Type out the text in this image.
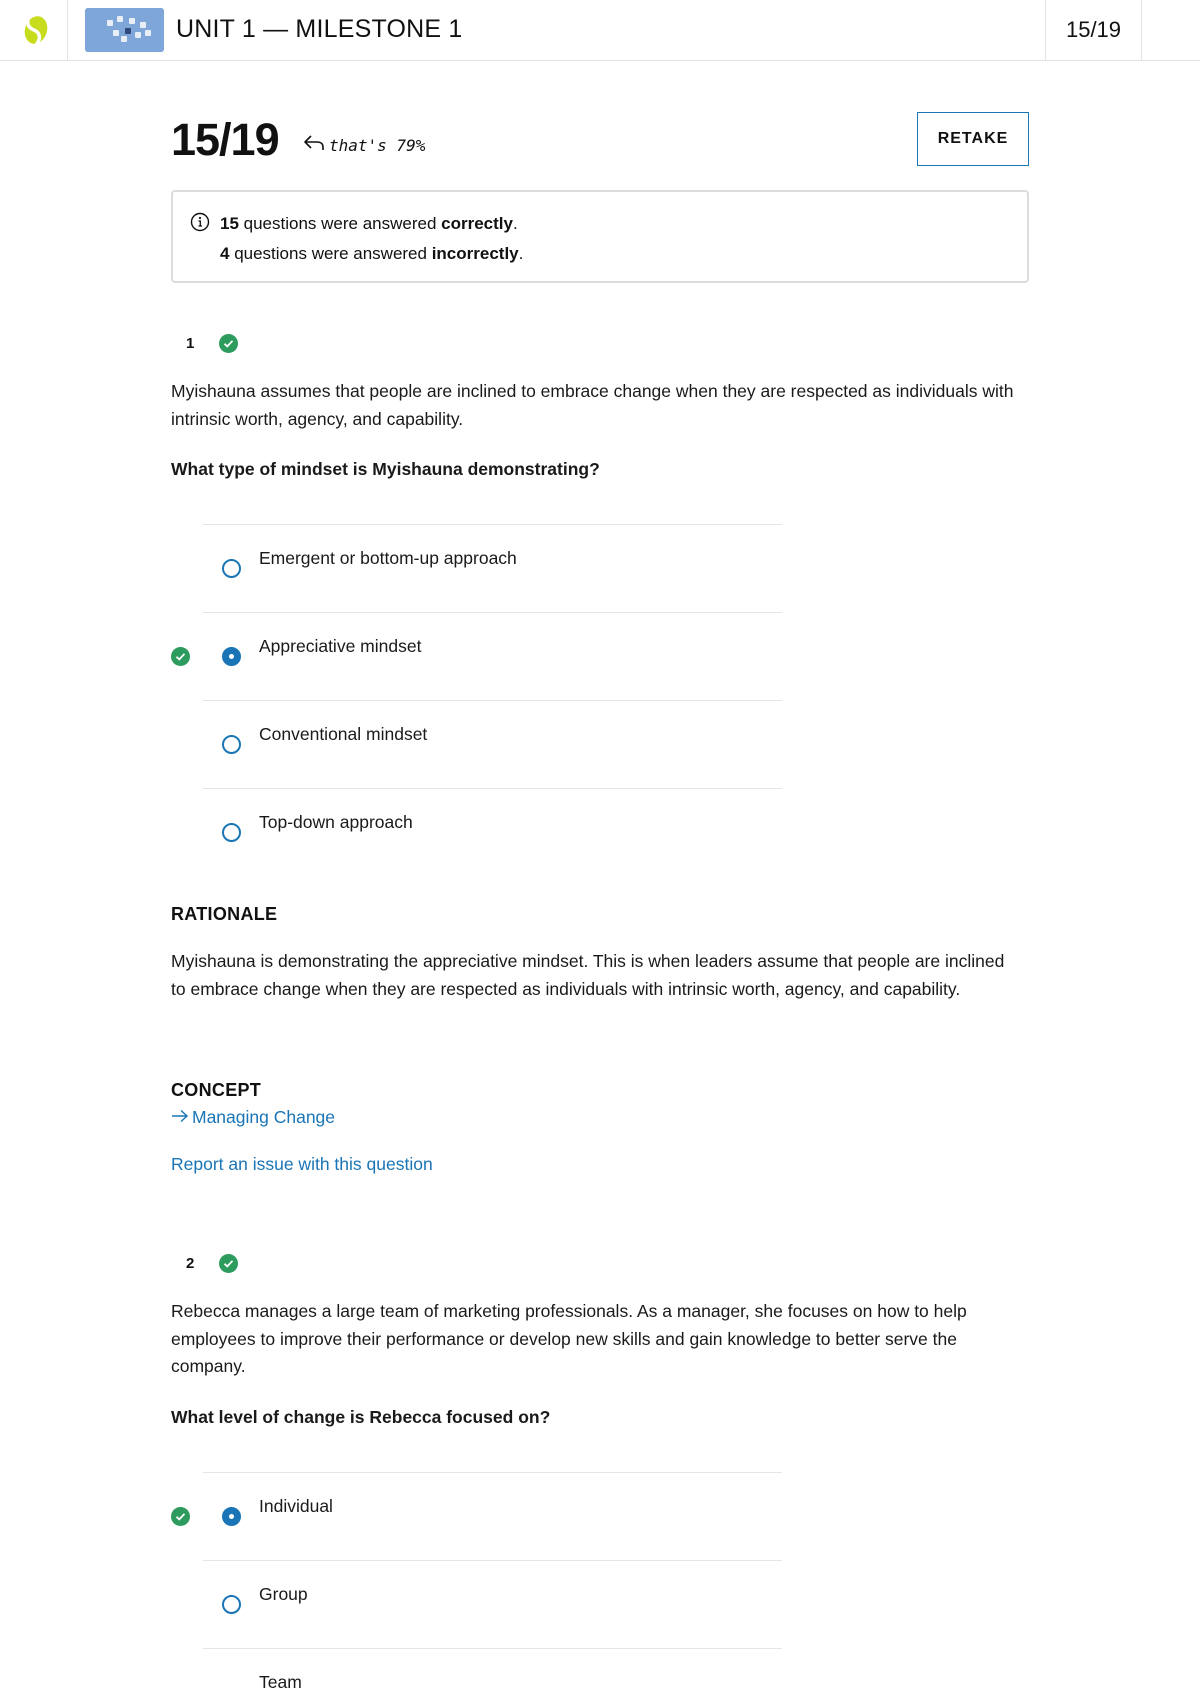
UNIT 1 — MILESTONE 1	15/19
15/19	that's 79%	RETAKE
15 questions were answered correctly.
4 questions were answered incorrectly.
1
Myishauna assumes that people are inclined to embrace change when they are respected as individuals with intrinsic worth, agency, and capability.
What type of mindset is Myishauna demonstrating?
Emergent or bottom-up approach
Appreciative mindset
Conventional mindset
Top-down approach
RATIONALE
Myishauna is demonstrating the appreciative mindset. This is when leaders assume that people are inclined to embrace change when they are respected as individuals with intrinsic worth, agency, and capability.
CONCEPT
Managing Change
Report an issue with this question
2
Rebecca manages a large team of marketing professionals. As a manager, she focuses on how to help employees to improve their performance or develop new skills and gain knowledge to better serve the company.
What level of change is Rebecca focused on?
Individual
Group
Team
